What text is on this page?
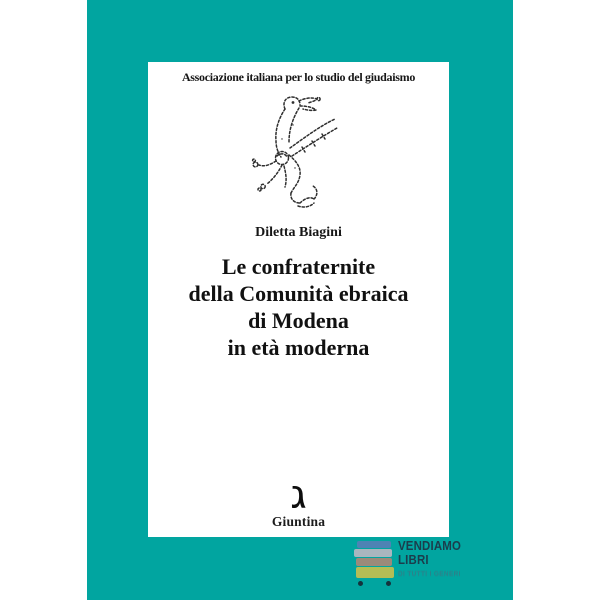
Associazione italiana per lo studio del giudaismo
Diletta Biagini
Le confraternite
della Comunità ebraica
di Modena
in età moderna
ג
Giuntina
VENDIAMO
LIBRI
DI TUTTI I GENERI
